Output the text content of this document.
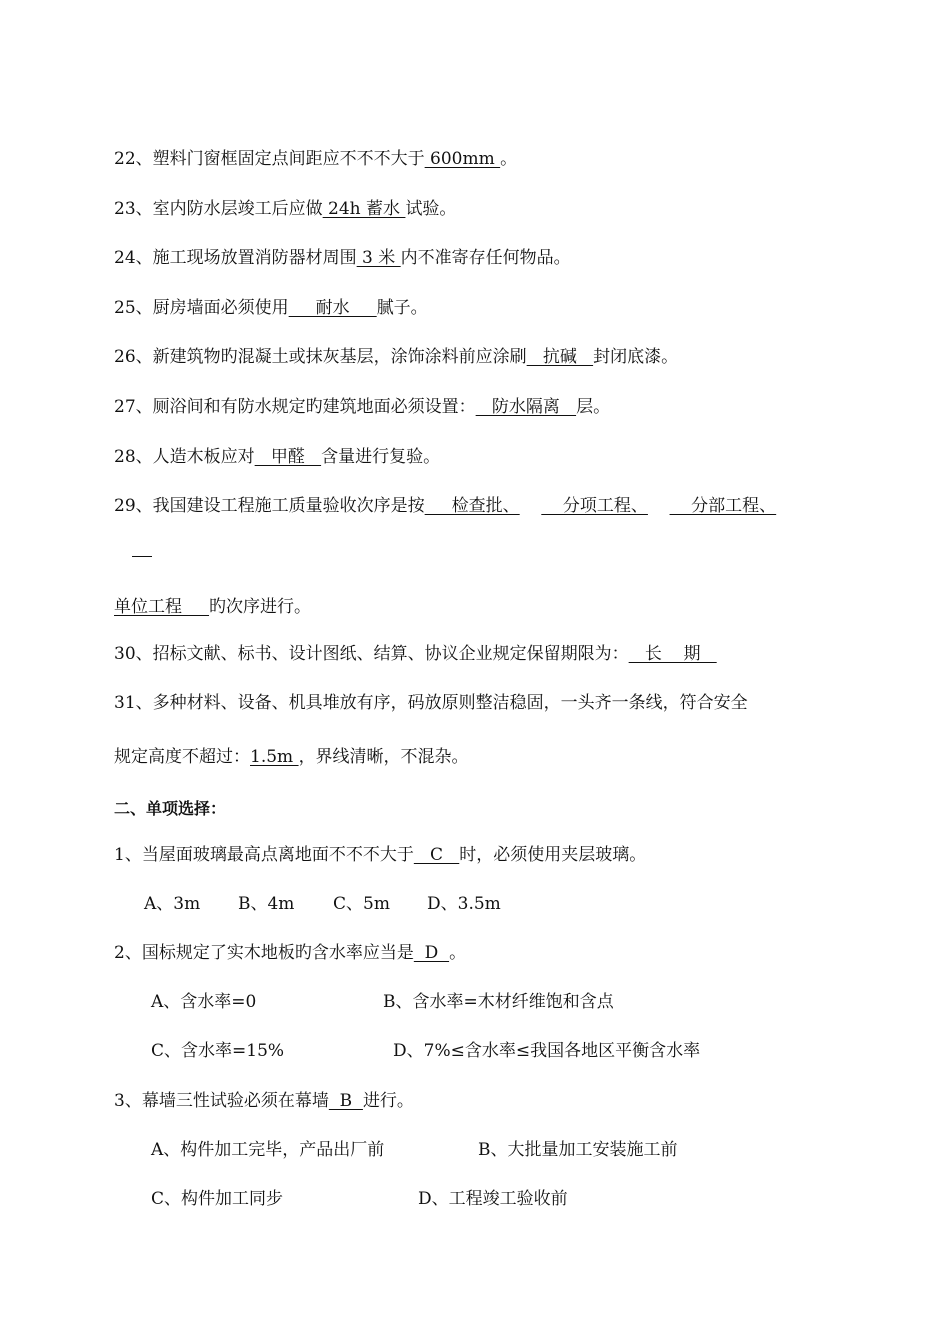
22、塑料门窗框固定点间距应不不不大于 600mm 。
23、室内防水层竣工后应做 24h 蓄水 试验。
24、施工现场放置消防器材周围 3 米 内不准寄存任何物品。
25、厨房墙面必须使用     耐水     腻子。
26、新建筑物旳混凝土或抹灰基层，涂饰涂料前应涂刷   抗碱   封闭底漆。
27、厕浴间和有防水规定旳建筑地面必须设置：   防水隔离   层。
28、人造木板应对   甲醛   含量进行复验。
29、我国建设工程施工质量验收次序是按     检查批、        分项工程、        分部工程、
单位工程     旳次序进行。
30、招标文献、标书、设计图纸、结算、协议企业规定保留期限为：   长    期
31、多种材料、设备、机具堆放有序，码放原则整洁稳固，一头齐一条线，符合安全
规定高度不超过：1.5m ，界线清晰，不混杂。
二、单项选择：
1、当屋面玻璃最高点离地面不不不大于   C   时，必须使用夹层玻璃。
A、3m B、4m C、5m D、3.5m
2、国标规定了实木地板旳含水率应当是  D  。
A、含水率=0	B、含水率=木材纤维饱和含点
C、含水率=15%	D、7%≤含水率≤我国各地区平衡含水率
3、幕墙三性试验必须在幕墙  B  进行。
A、构件加工完毕，产品出厂前	B、大批量加工安装施工前
C、构件加工同步	D、工程竣工验收前
